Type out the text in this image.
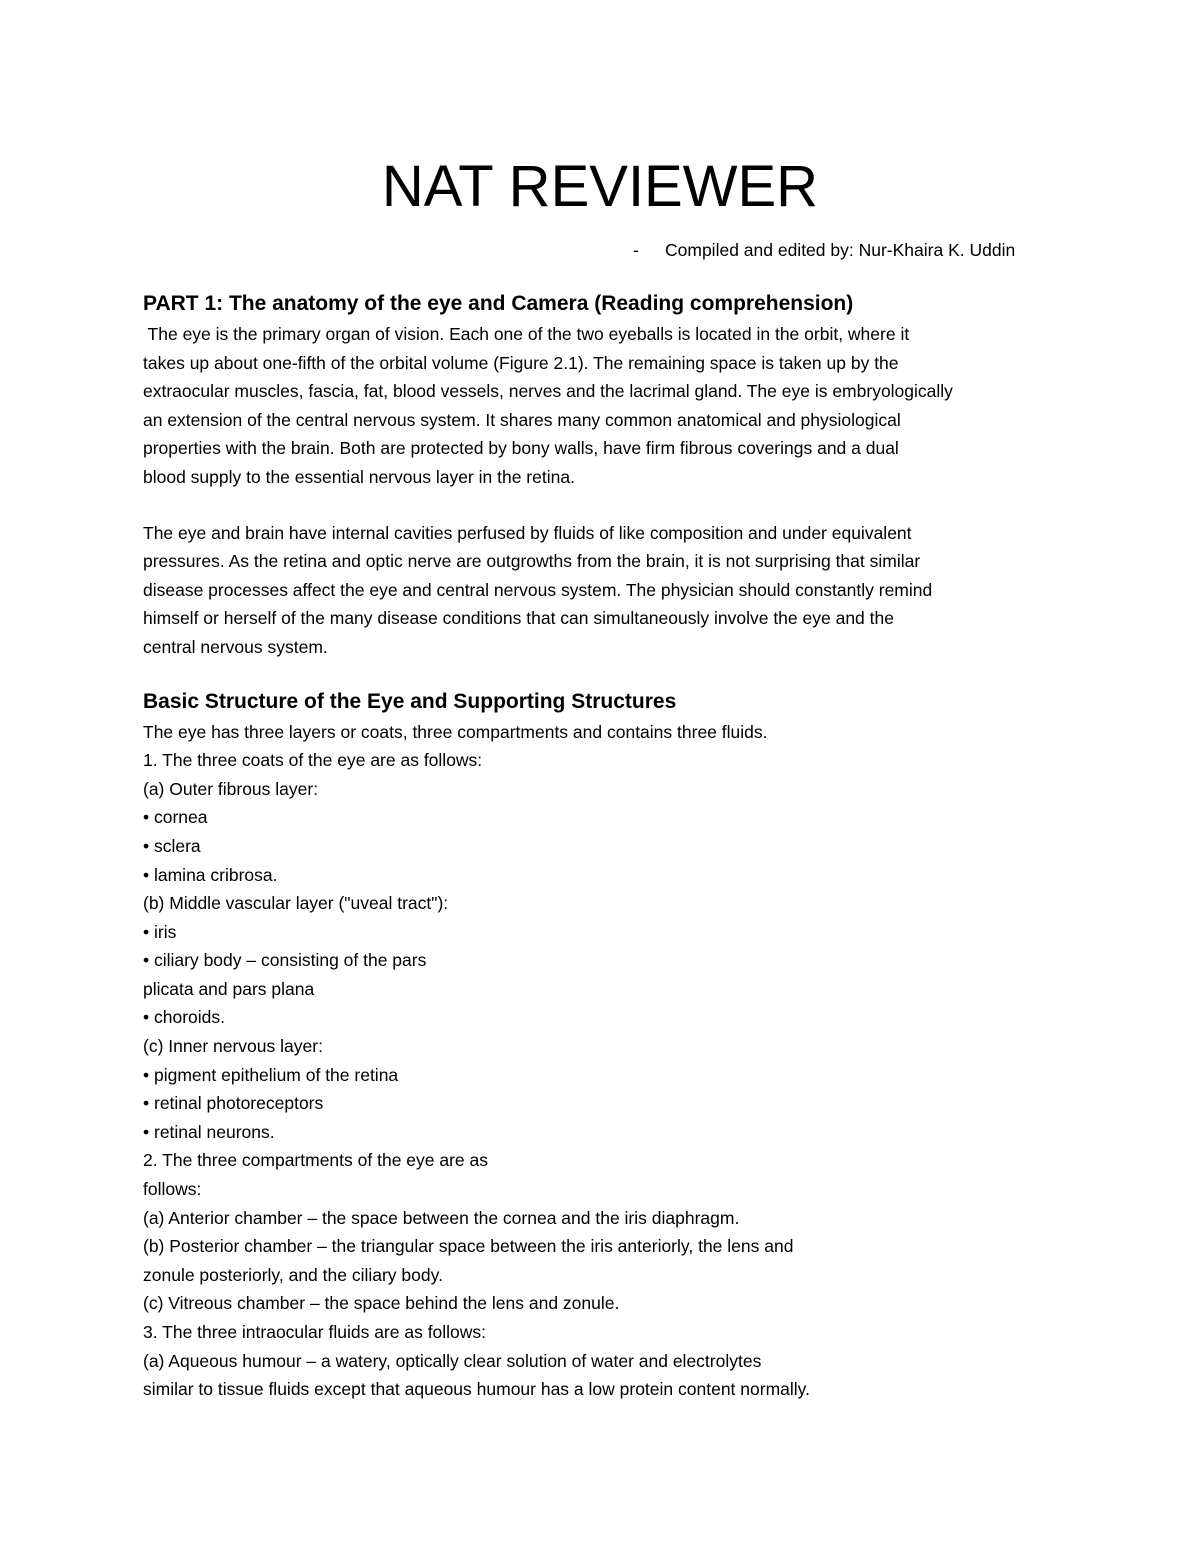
NAT REVIEWER
- Compiled and edited by: Nur-Khaira K. Uddin
PART 1: The anatomy of the eye and Camera (Reading comprehension)
The eye is the primary organ of vision. Each one of the two eyeballs is located in the orbit, where it
takes up about one-fifth of the orbital volume (Figure 2.1). The remaining space is taken up by the
extraocular muscles, fascia, fat, blood vessels, nerves and the lacrimal gland. The eye is embryologically
an extension of the central nervous system. It shares many common anatomical and physiological
properties with the brain. Both are protected by bony walls, have firm fibrous coverings and a dual
blood supply to the essential nervous layer in the retina.
The eye and brain have internal cavities perfused by fluids of like composition and under equivalent
pressures. As the retina and optic nerve are outgrowths from the brain, it is not surprising that similar
disease processes affect the eye and central nervous system. The physician should constantly remind
himself or herself of the many disease conditions that can simultaneously involve the eye and the
central nervous system.
Basic Structure of the Eye and Supporting Structures
The eye has three layers or coats, three compartments and contains three fluids.
1. The three coats of the eye are as follows:
(a) Outer fibrous layer:
• cornea
• sclera
• lamina cribrosa.
(b) Middle vascular layer ("uveal tract"):
• iris
• ciliary body – consisting of the pars
plicata and pars plana
• choroids.
(c) Inner nervous layer:
• pigment epithelium of the retina
• retinal photoreceptors
• retinal neurons.
2. The three compartments of the eye are as
follows:
(a) Anterior chamber – the space between the cornea and the iris diaphragm.
(b) Posterior chamber – the triangular space between the iris anteriorly, the lens and
zonule posteriorly, and the ciliary body.
(c) Vitreous chamber – the space behind the lens and zonule.
3. The three intraocular fluids are as follows:
(a) Aqueous humour – a watery, optically clear solution of water and electrolytes
similar to tissue fluids except that aqueous humour has a low protein content normally.
